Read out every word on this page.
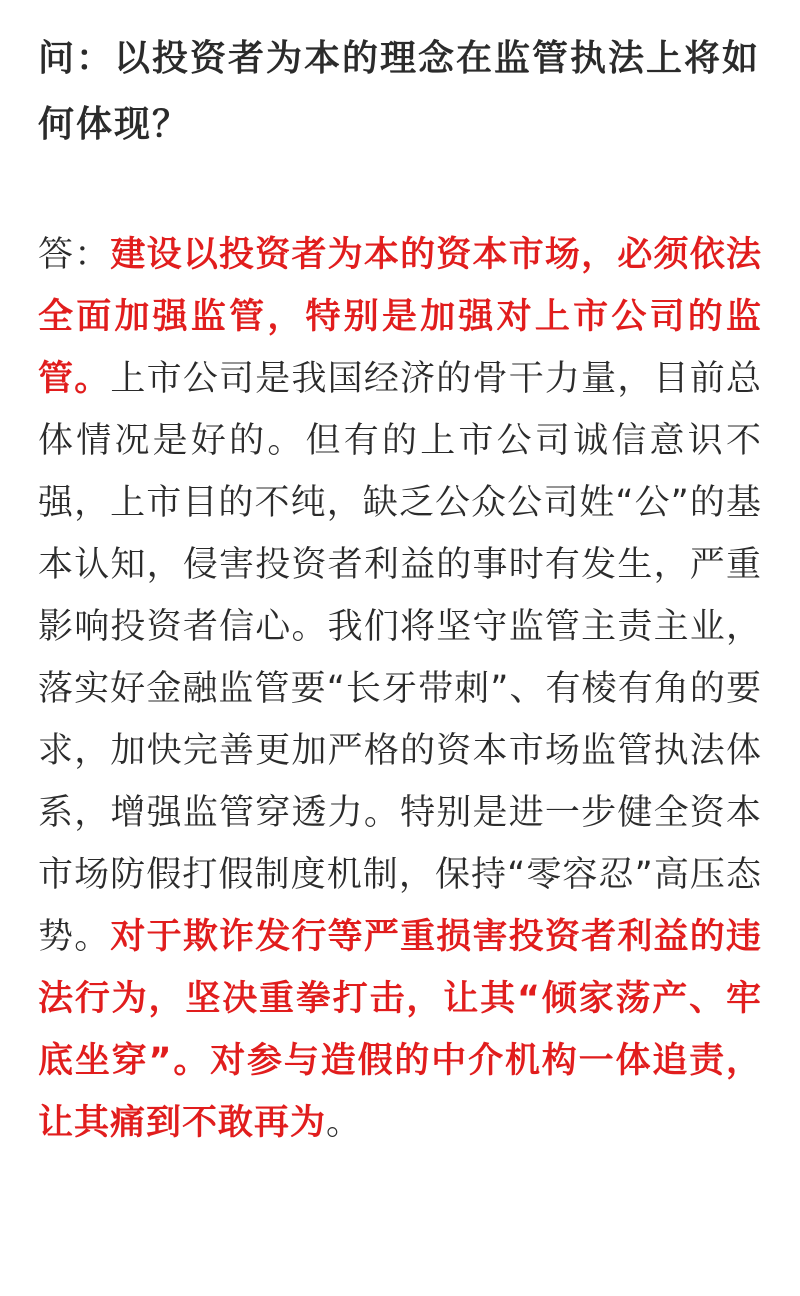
问：以投资者为本的理念在监管执法上将如何体现？

答：建设以投资者为本的资本市场，必须依法全面加强监管，特别是加强对上市公司的监管。上市公司是我国经济的骨干力量，目前总体情况是好的。但有的上市公司诚信意识不强，上市目的不纯，缺乏公众公司姓“公”的基本认知，侵害投资者利益的事时有发生，严重影响投资者信心。我们将坚守监管主责主业，落实好金融监管要“长牙带刺”、有棱有角的要求，加快完善更加严格的资本市场监管执法体系，增强监管穿透力。特别是进一步健全资本市场防假打假制度机制，保持“零容忍”高压态势。对于欺诈发行等严重损害投资者利益的违法行为，坚决重拳打击，让其“倾家荡产、牢底坐穿”。对参与造假的中介机构一体追责，让其痛到不敢再为。
